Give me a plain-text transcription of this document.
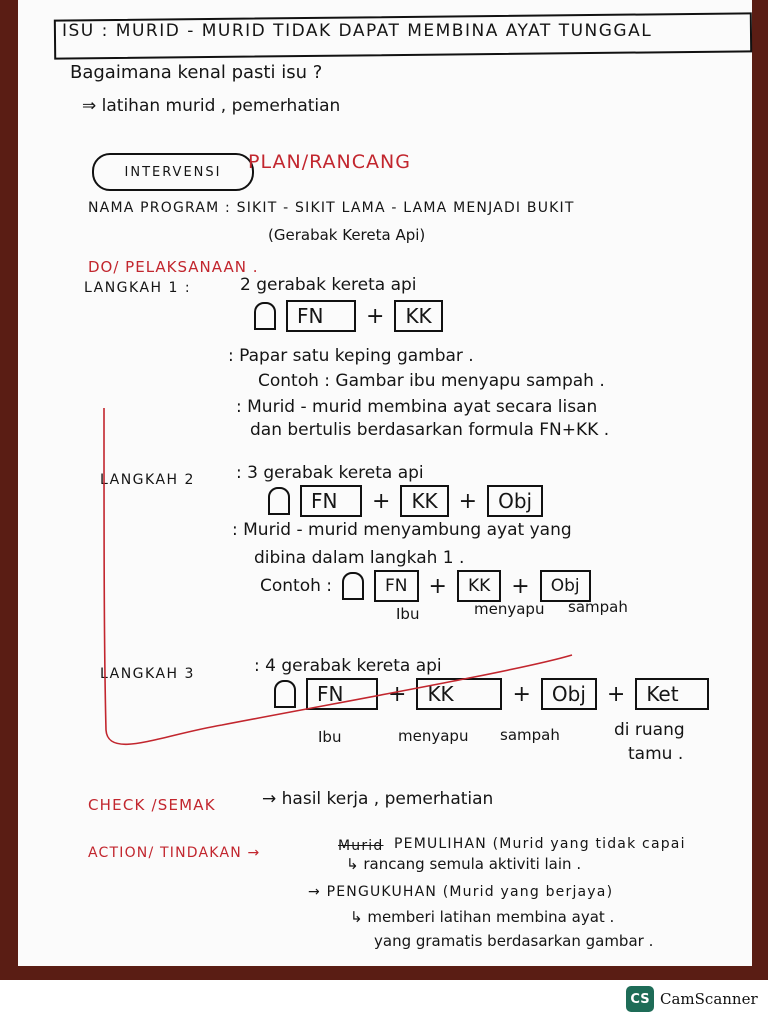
ISU : MURID - MURID TIDAK DAPAT MEMBINA AYAT TUNGGAL
Bagaimana kenal pasti isu ?
⇒ latihan murid , pemerhatian
INTERVENSI	PLAN/RANCANG
NAMA PROGRAM : SIKIT - SIKIT LAMA - LAMA MENJADI BUKIT
(Gerabak Kereta Api)
DO/ PELAKSANAAN .
LANGKAH 1 :	2 gerabak kereta api
FN	+	KK
: Papar satu keping gambar .
Contoh : Gambar ibu menyapu sampah .
: Murid - murid membina ayat secara lisan
dan bertulis berdasarkan formula FN+KK .
LANGKAH 2 : 3 gerabak kereta api
FN	+	KK +	Obj
: Murid - murid menyambung ayat yang
dibina dalam langkah 1 .
Contoh :	FN +	KK +	Obj
Ibu	menyapu sampah
LANGKAH 3	: 4 gerabak kereta api
FN	+	KK	+	Obj +	Ket
Ibu	menyapu sampah	di ruang
tamu .
CHECK /SEMAK	→ hasil kerja , pemerhatian
ACTION/ TINDAKAN →	Murid PEMULIHAN (Murid yang tidak capai
↳ rancang semula aktiviti lain .
→ PENGUKUHAN (Murid yang berjaya)
↳ memberi latihan membina ayat .
yang gramatis berdasarkan gambar .
CS CamScanner
